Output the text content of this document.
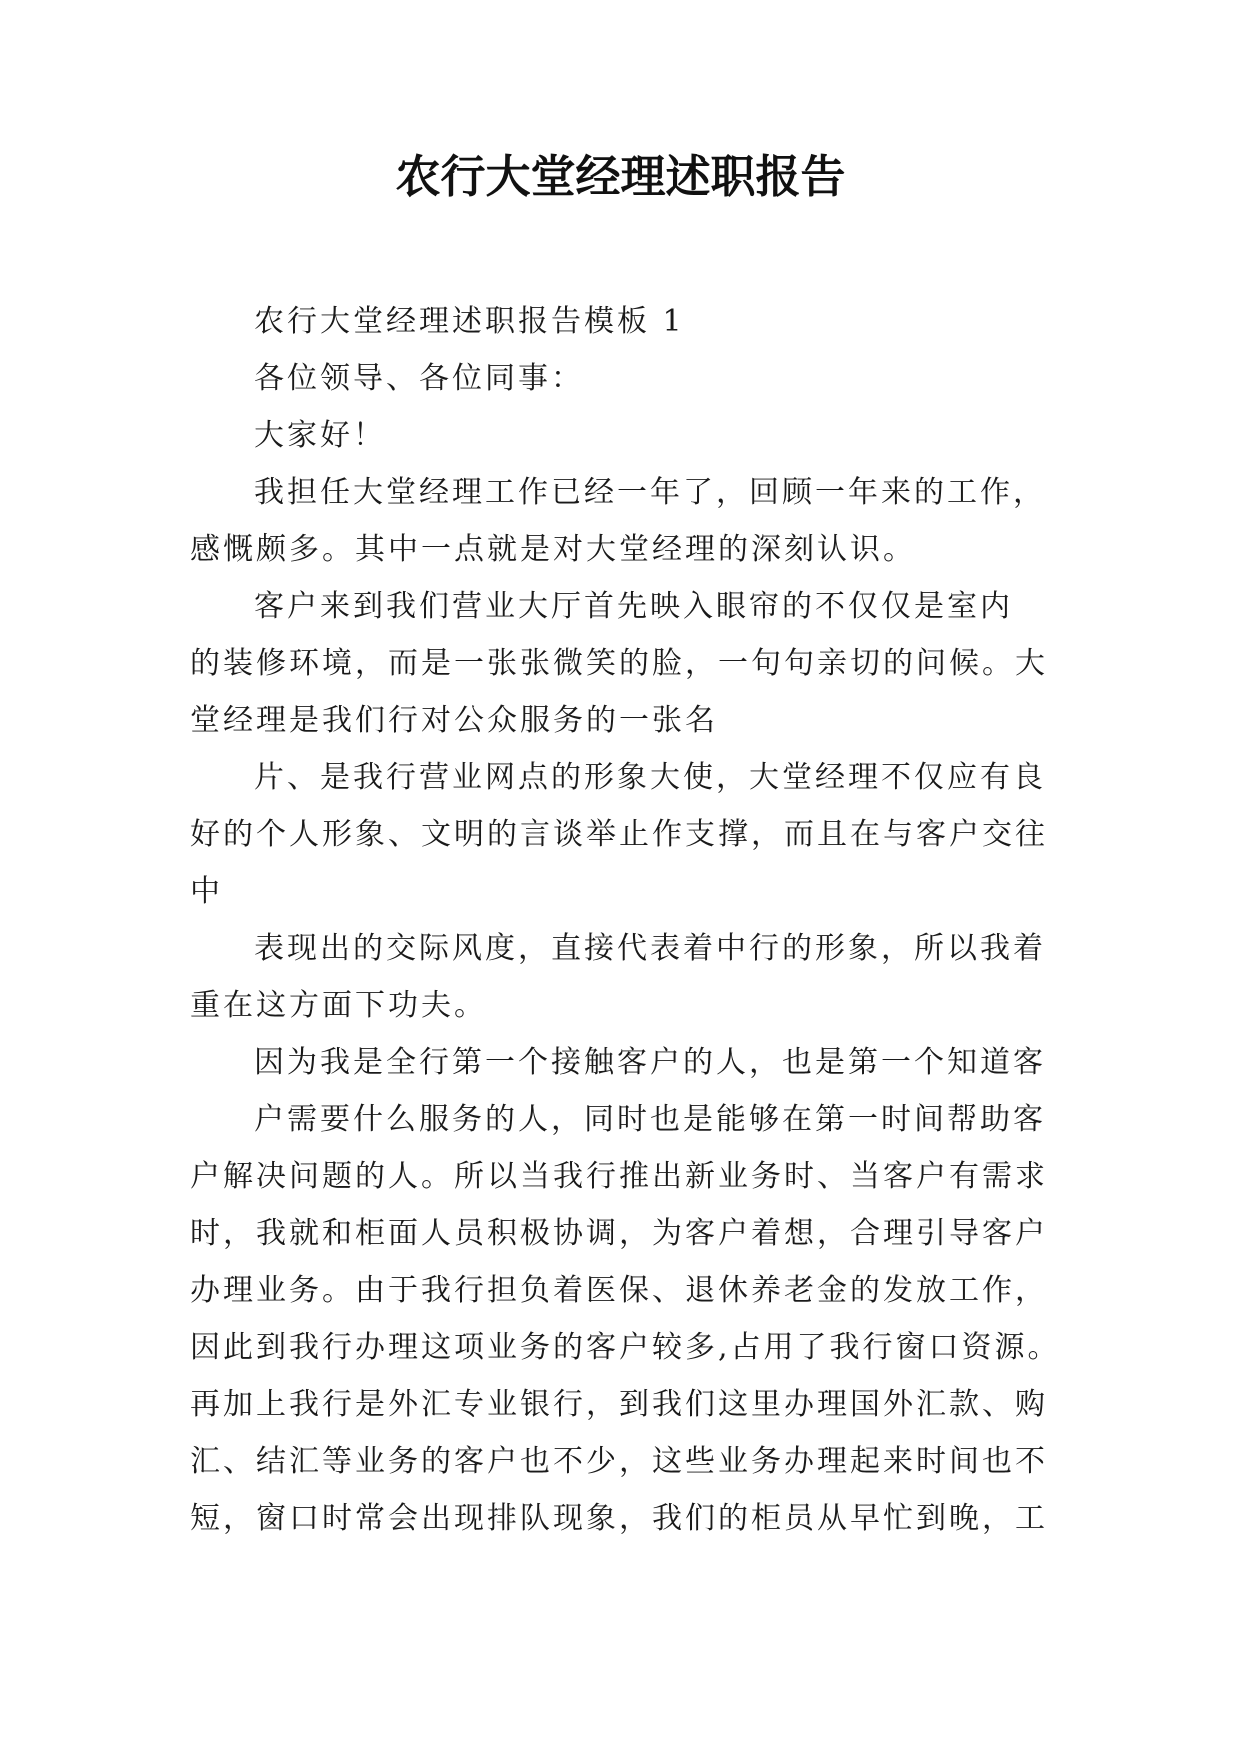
农行大堂经理述职报告

农行大堂经理述职报告模板 1

各位领导、各位同事：

大家好！

我担任大堂经理工作已经一年了，回顾一年来的工作，

感慨颇多。其中一点就是对大堂经理的深刻认识。

客户来到我们营业大厅首先映入眼帘的不仅仅是室内

的装修环境，而是一张张微笑的脸，一句句亲切的问候。大

堂经理是我们行对公众服务的一张名

片、是我行营业网点的形象大使，大堂经理不仅应有良

好的个人形象、文明的言谈举止作支撑，而且在与客户交往

中

表现出的交际风度，直接代表着中行的形象，所以我着

重在这方面下功夫。

因为我是全行第一个接触客户的人，也是第一个知道客

户需要什么服务的人，同时也是能够在第一时间帮助客

户解决问题的人。所以当我行推出新业务时、当客户有需求

时，我就和柜面人员积极协调，为客户着想，合理引导客户

办理业务。由于我行担负着医保、退休养老金的发放工作，

因此到我行办理这项业务的客户较多,占用了我行窗口资源。

再加上我行是外汇专业银行，到我们这里办理国外汇款、购

汇、结汇等业务的客户也不少，这些业务办理起来时间也不

短，窗口时常会出现排队现象，我们的柜员从早忙到晚，工
